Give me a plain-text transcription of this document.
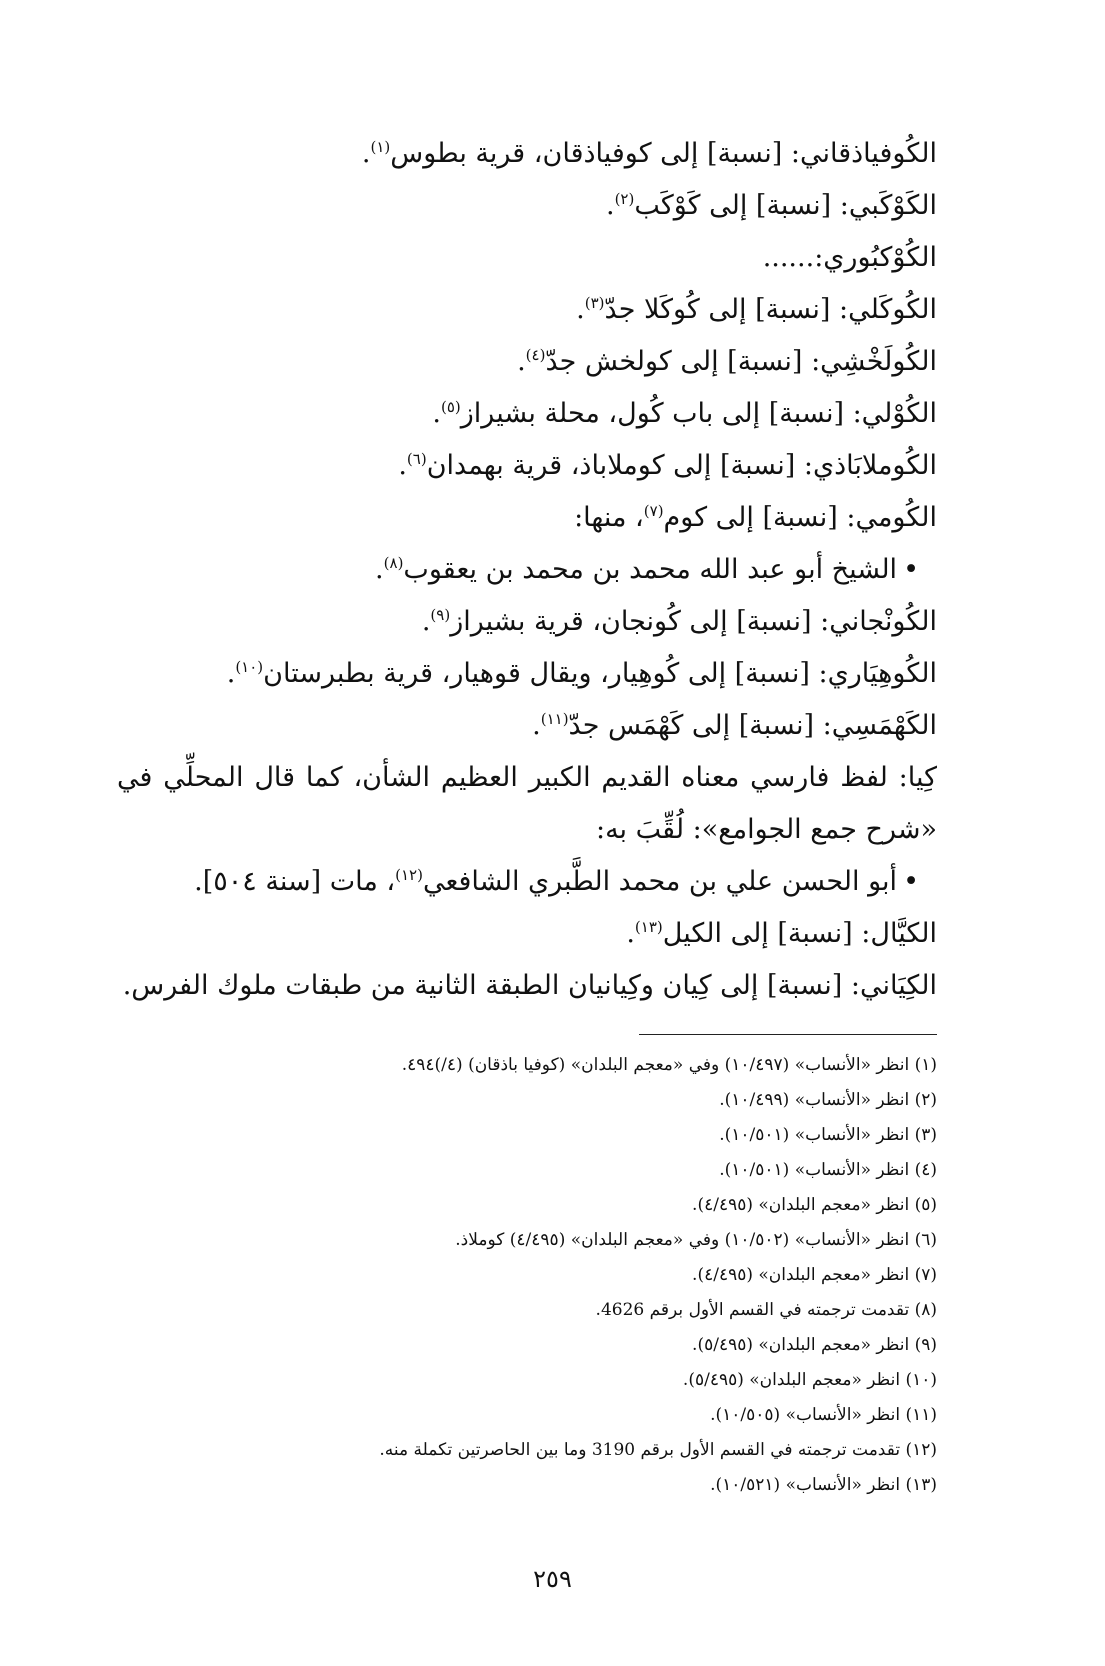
الكُوفياذقاني: [نسبة] إلى كوفياذقان، قرية بطوس$^{(١)}$.
الكَوْكَبي: [نسبة] إلى كَوْكَب$^{(٢)}$.
الكُوْكبُوري:......
الكُوكَلي: [نسبة] إلى كُوكَلا جدّ$^{(٣)}$.
الكُولَخْشِي: [نسبة] إلى كولخش جدّ$^{(٤)}$.
الكُوْلي: [نسبة] إلى باب كُول، محلة بشيراز$^{(٥)}$.
الكُوملابَاذي: [نسبة] إلى كوملاباذ، قرية بهمدان$^{(٦)}$.
الكُومي: [نسبة] إلى كوم$^{(٧)}$، منها:
•الشيخ أبو عبد الله محمد بن محمد بن يعقوب$^{(٨)}$.
الكُونْجاني: [نسبة] إلى كُونجان، قرية بشيراز$^{(٩)}$.
الكُوهِيَاري: [نسبة] إلى كُوهِيار، ويقال قوهيار، قرية بطبرستان$^{(١٠)}$.
الكَهْمَسِي: [نسبة] إلى كَهْمَس جدّ$^{(١١)}$.
كِيا: لفظ فارسي معناه القديم الكبير العظيم الشأن، كما قال المحلِّي في «شرح جمع الجوامع»: لُقِّبَ به:
•أبو الحسن علي بن محمد الطَّبري الشافعي$^{(١٢)}$، مات [سنة ٥٠٤].
الكيَّال: [نسبة] إلى الكيل$^{(١٣)}$.
الكِيَاني: [نسبة] إلى كِيان وكِيانيان الطبقة الثانية من طبقات ملوك الفرس.
(١) انظر «الأنساب» (١٠/٤٩٧) وفي «معجم البلدان» (كوفيا باذقان) (٤/)٤٩٤.
(٢) انظر «الأنساب» (١٠/٤٩٩).
(٣) انظر «الأنساب» (١٠/٥٠١).
(٤) انظر «الأنساب» (١٠/٥٠١).
(٥) انظر «معجم البلدان» (٤/٤٩٥).
(٦) انظر «الأنساب» (١٠/٥٠٢) وفي «معجم البلدان» (٤/٤٩٥) كوملاذ.
(٧) انظر «معجم البلدان» (٤/٤٩٥).
(٨) تقدمت ترجمته في القسم الأول برقم 4626.
(٩) انظر «معجم البلدان» (٥/٤٩٥).
(١٠) انظر «معجم البلدان» (٥/٤٩٥).
(١١) انظر «الأنساب» (١٠/٥٠٥).
(١٢) تقدمت ترجمته في القسم الأول برقم 3190 وما بين الحاصرتين تكملة منه.
(١٣) انظر «الأنساب» (١٠/٥٢١).
٢٥٩
